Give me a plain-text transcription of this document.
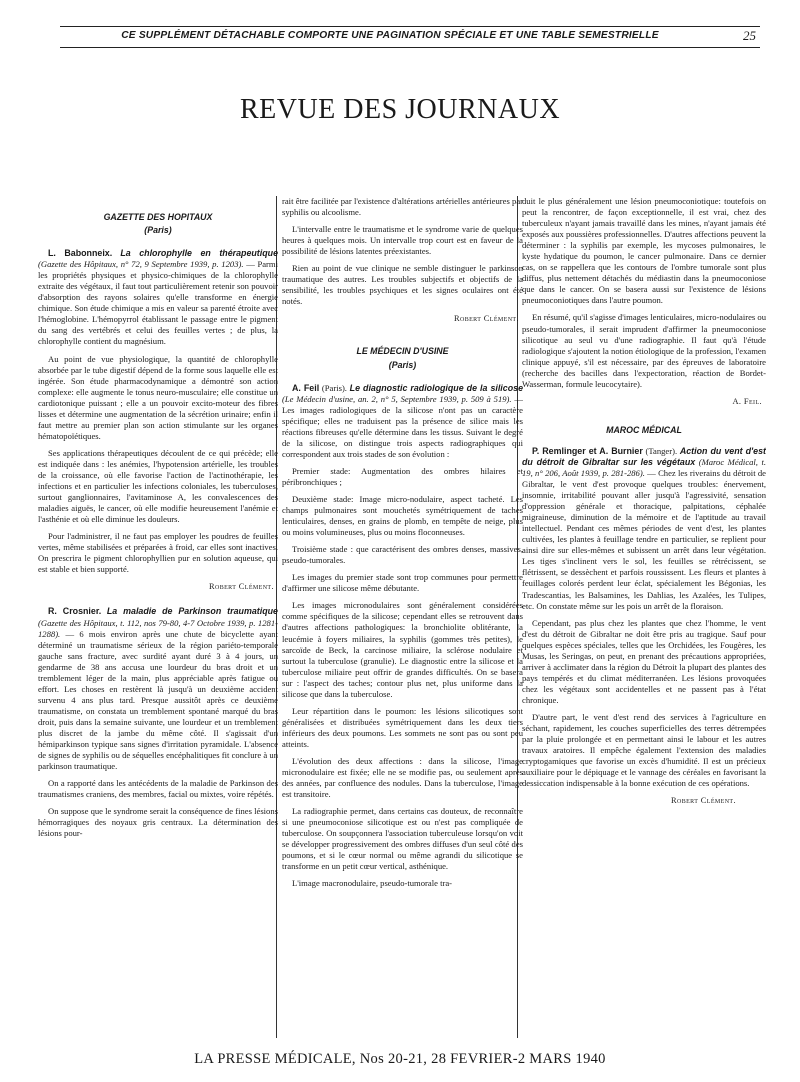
CE SUPPLÉMENT DÉTACHABLE COMPORTE UNE PAGINATION SPÉCIALE ET UNE TABLE SEMESTRIELLE	25
REVUE DES JOURNAUX
GAZETTE DES HOPITAUX
(Paris)

L. Babonneix. La chlorophylle en thérapeutique (Gazette des Hôpitaux, n° 72, 9 Septembre 1939, p. 1203). — Parmi les propriétés physiques et physico-chimiques de la chlorophylle extraite des végétaux, il faut tout particulièrement retenir son pouvoir d'absorption des rayons solaires qu'elle transforme en énergie chimique. Son étude chimique a mis en valeur sa parenté étroite avec l'hémoglobine. L'hémopyrrol établissant le passage entre le pigment du sang des vertébrés et celui des feuilles vertes ; de plus, la chlorophylle contient du magnésium.

Au point de vue physiologique, la quantité de chlorophylle absorbée par le tube digestif dépend de la forme sous laquelle elle est ingérée. Son étude pharmacodynamique a démontré son action complexe: elle augmente le tonus neuro-musculaire; elle constitue un cardiotonique puissant ; elle a un pouvoir excito-moteur des fibres lisses et détermine une augmentation de la sécrétion urinaire; enfin il faut mettre au premier plan son action stimulante sur les organes hématopoïétiques.

Ses applications thérapeutiques découlent de ce qui précède; elle est indiquée dans : les anémies, l'hypotension artérielle, les troubles de la croissance, où elle favorise l'action de l'actinothérapie, les infections et en particulier les infections coloniales, les tuberculoses, surtout ganglionnaires, l'avitaminose A, les convalescences des maladies aiguës, le cancer, où elle modifie heureusement l'anémie et l'asthénie et où elle diminue les douleurs.

Pour l'administrer, il ne faut pas employer les poudres de feuilles vertes, même stabilisées et préparées à froid, car elles sont inactives. On prescrira le pigment chlorophyllien pur en solution aqueuse, qui est stable et bien supporté.

Robert Clément.

R. Crosnier. La maladie de Parkinson traumatique (Gazette des Hôpitaux, t. 112, nos 79-80, 4-7 Octobre 1939, p. 1281-1288). — 6 mois environ après une chute de bicyclette ayant déterminé un traumatisme sérieux de la région pariéto-temporale gauche sans fracture, avec surdité ayant duré 3 à 4 jours, un gendarme de 38 ans accusa une lourdeur du bras droit et un tremblement léger de la main, plus appréciable après fatigue ou effort. Les choses en restèrent là jusqu'à un deuxième accident survenu 4 ans plus tard. Presque aussitôt après ce deuxième traumatisme, on constata un tremblement spontané marqué du bras droit, puis dans la semaine suivante, une lourdeur et un tremblement plus discret de la jambe du même côté. Il s'agissait d'un hémiparkinson typique sans signes d'irritation pyramidale. L'absence de signes de syphilis ou de séquelles encéphalitiques fit conclure à un parkinson traumatique.

On a rapporté dans les antécédents de la maladie de Parkinson des traumatismes craniens, des membres, facial ou mixtes, voire répétés.

On suppose que le syndrome serait la conséquence de fines lésions hémorragiques des noyaux gris centraux. La détermination des lésions pour-

rait être facilitée par l'existence d'altérations artérielles antérieures par syphilis ou alcoolisme.

L'intervalle entre le traumatisme et le syndrome varie de quelques heures à quelques mois. Un intervalle trop court est en faveur de la possibilité de lésions latentes préexistantes.

Rien au point de vue clinique ne semble distinguer le parkinson traumatique des autres. Les troubles subjectifs et objectifs de la sensibilité, les troubles psychiques et les signes oculaires ont été notés.

Robert Clément.
LE MÉDECIN D'USINE
(Paris)

A. Feil (Paris). Le diagnostic radiologique de la silicose (Le Médecin d'usine, an. 2, n° 5, Septembre 1939, p. 509 à 519). — Les images radiologiques de la silicose n'ont pas un caractère spécifique; elles ne traduisent pas la présence de silice mais les réactions fibreuses qu'elle détermine dans les tissus. Suivant le degré de la silicose, on distingue trois aspects radiographiques qui correspondent aux trois stades de son évolution :

Premier stade: Augmentation des ombres hilaires et péribronchiques ;

Deuxième stade: Image micro-nodulaire, aspect tacheté. Les champs pulmonaires sont mouchetés symétriquement de taches lenticulaires, denses, en grains de plomb, en tempête de neige, plus ou moins volumineuses, plus ou moins floconneuses.

Troisième stade : que caractérisent des ombres denses, massives, pseudo-tumorales.

Les images du premier stade sont trop communes pour permettre d'affirmer une silicose même débutante.

Les images micronodulaires sont généralement considérées comme spécifiques de la silicose; cependant elles se retrouvent dans d'autres affections pathologiques: la bronchiolite oblitérante, la leucémie à foyers miliaires, la syphilis (gommes très petites), le sarcoïde de Beck, la carcinose miliaire, la sclérose nodulaire et surtout la tuberculose (granulie). Le diagnostic entre la silicose et la tuberculose miliaire peut offrir de grandes difficultés. On se basera sur : l'aspect des taches; contour plus net, plus uniforme dans la silicose que dans la tuberculose.

Leur répartition dans le poumon: les lésions silicotiques sont généralisées et distribuées symétriquement dans les deux tiers inférieurs des deux poumons. Les sommets ne sont pas ou sont peu atteints.

L'évolution des deux affections : dans la silicose, l'image micronodulaire est fixée; elle ne se modifie pas, ou seulement après des années, par confluence des nodules. Dans la tuberculose, l'image est transitoire.

La radiographie permet, dans certains cas douteux, de reconnaître si une pneumoconiose silicotique est ou n'est pas compliquée de tuberculose. On soupçonnera l'association tuberculeuse lorsqu'on voit se développer progressivement des ombres diffuses d'un seul côté des poumons, et si le cœur normal ou même agrandi du silicotique se transforme en un petit cœur vertical, asthénique.

L'image macronodulaire, pseudo-tumorale tra-

duit le plus généralement une lésion pneumoconiotique: toutefois on peut la rencontrer, de façon exceptionnelle, il est vrai, chez des tuberculeux n'ayant jamais travaillé dans les mines, n'ayant jamais été exposés aux poussières professionnelles. D'autres affections peuvent la déterminer : la syphilis par exemple, les mycoses pulmonaires, le kyste hydatique du poumon, le cancer pulmonaire. Dans ce dernier cas, on se rappellera que les contours de l'ombre tumorale sont plus diffus, plus nettement détachés du médiastin dans la pneumoconiose que dans le cancer. On se basera aussi sur l'existence de lésions pneumoconiotiques dans l'autre poumon.

En résumé, qu'il s'agisse d'images lenticulaires, micro-nodulaires ou pseudo-tumorales, il serait imprudent d'affirmer la pneumoconiose silicotique au seul vu d'une radiographie. Il faut qu'à l'étude radiologique s'ajoutent la notion étiologique de la profession, l'examen clinique appuyé, s'il est nécessaire, par des épreuves de laboratoire (recherche des bacilles dans l'expectoration, réaction de Bordet-Wasserman, formule leucocytaire).

A. Feil.
MAROC MÉDICAL

P. Remlinger et A. Burnier (Tanger). Action du vent d'est du détroit de Gibraltar sur les végétaux (Maroc Médical, t. 19, n° 206, Août 1939, p. 281-286). — Chez les riverains du détroit de Gibraltar, le vent d'est provoque quelques troubles: énervement, insomnie, irritabilité pouvant aller jusqu'à l'agressivité, sensation d'oppression générale et thoracique, palpitations, céphalée migraineuse, diminution de la mémoire et de l'aptitude au travail intellectuel. Pendant ces mêmes périodes de vent d'est, les plantes cultivées, les plantes à feuillage tendre en particulier, se replient pour ainsi dire sur elles-mêmes et subissent un arrêt dans leur végétation. Les tiges s'inclinent vers le sol, les feuilles se rétrécissent, se flétrissent, se dessèchent et parfois roussissent. Les fleurs et plantes à feuillages colorés perdent leur éclat, spécialement les Bégonias, les Tradescantias, les Balsamines, les Dahlias, les Azalées, les Tulipes, etc. On constate même sur les pois un arrêt de la floraison.

Cependant, pas plus chez les plantes que chez l'homme, le vent d'est du détroit de Gibraltar ne doit être pris au tragique. Sauf pour quelques espèces spéciales, telles que les Orchidées, les Fougères, les Musas, les Seringas, on peut, en prenant des précautions appropriées, arriver à acclimater dans la région du Détroit la plupart des plantes des pays tempérés et du climat méditerranéen. Les lésions provoquées chez les végétaux sont accidentelles et ne passent pas à l'état chronique.

D'autre part, le vent d'est rend des services à l'agriculture en séchant, rapidement, les couches superficielles des terres détrempées par la pluie prolongée et en permettant ainsi le labour et les autres travaux aratoires. Il empêche également l'extension des maladies cryptogamiques que favorise un excès d'humidité. Il est un précieux auxiliaire pour le dépiquage et le vannage des céréales en favorisant la dessiccation indispensable à la bonne exécution de ces opérations.

Robert Clément.
LA PRESSE MÉDICALE, Nos 20-21, 28 FEVRIER-2 MARS 1940
